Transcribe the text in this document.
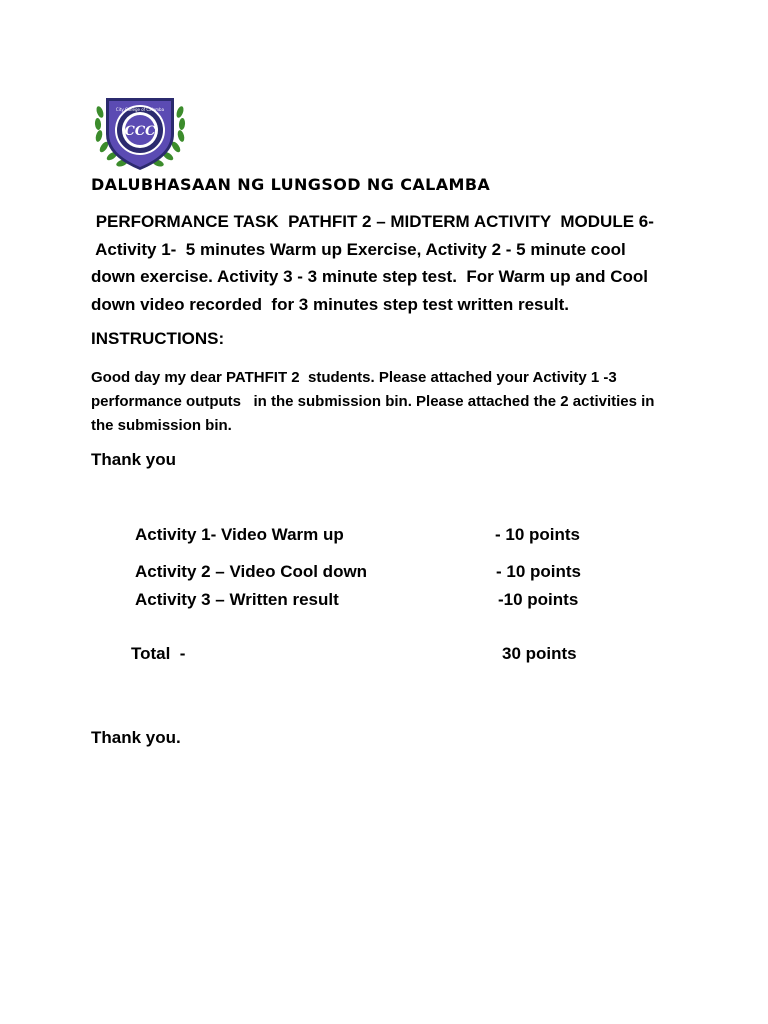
CCC
City College of Calamba
DALUBHASAAN NG LUNGSOD NG CALAMBA
PERFORMANCE TASK  PATHFIT 2 – MIDTERM ACTIVITY  MODULE 6-
Activity 1-  5 minutes Warm up Exercise, Activity 2 - 5 minute cool
down exercise. Activity 3 - 3 minute step test.  For Warm up and Cool
down video recorded  for 3 minutes step test written result.
INSTRUCTIONS:
Good day my dear PATHFIT 2  students. Please attached your Activity 1 -3
performance outputs   in the submission bin. Please attached the 2 activities in
the submission bin.
Thank you
Activity 1- Video Warm up	- 10 points
Activity 2 – Video Cool down	- 10 points
Activity 3 – Written result	-10 points
Total  -	30 points
Thank you.
